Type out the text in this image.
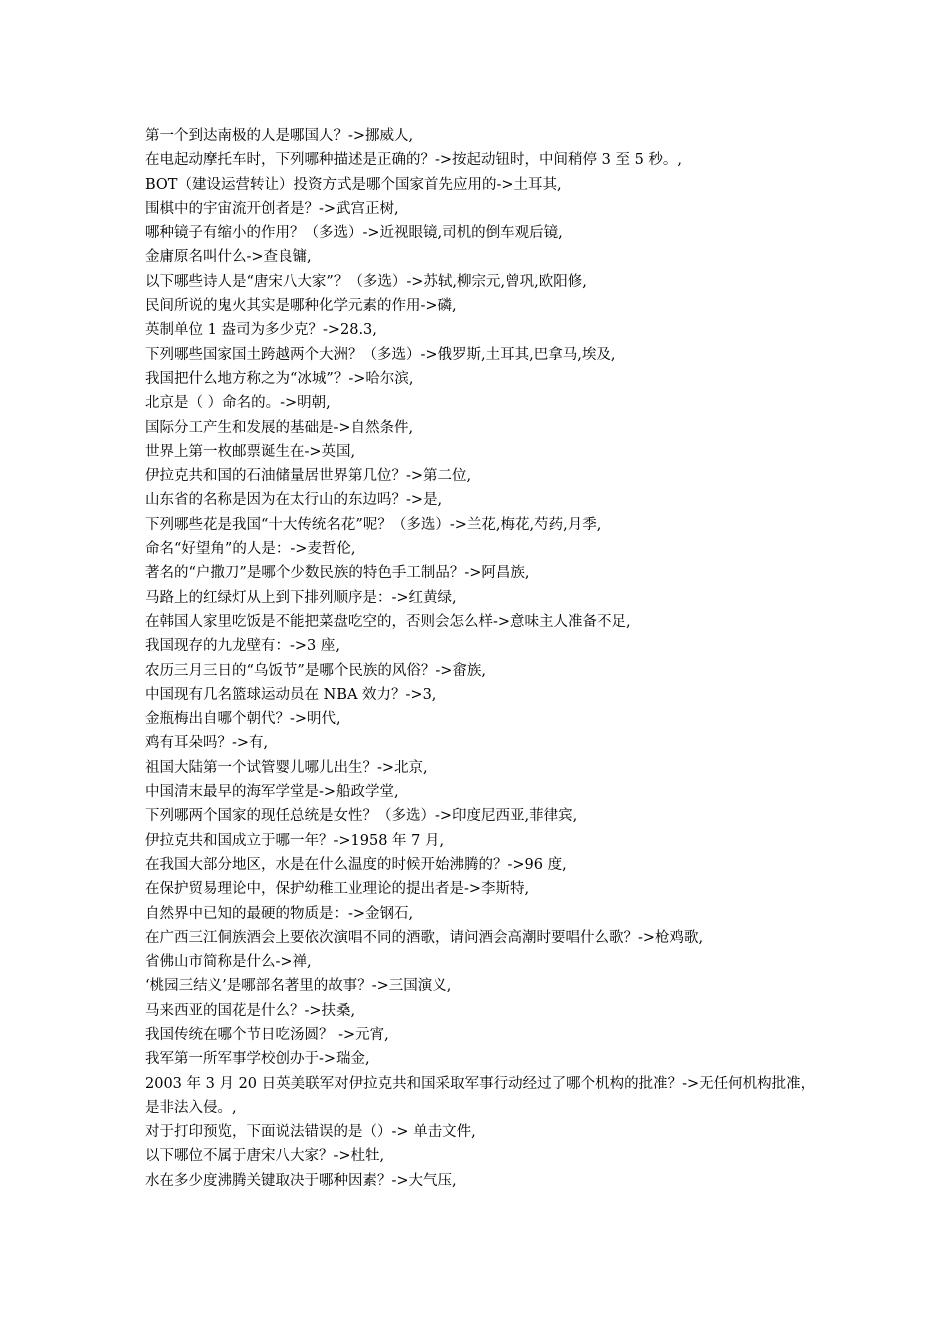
第一个到达南极的人是哪国人？->挪威人,
在电起动摩托车时，下列哪种描述是正确的？->按起动钮时，中间稍停 3 至 5 秒。,
BOT（建设运营转让）投资方式是哪个国家首先应用的->土耳其,
围棋中的宇宙流开创者是？->武宫正树,
哪种镜子有缩小的作用？（多选）->近视眼镜,司机的倒车观后镜,
金庸原名叫什么->查良镛,
以下哪些诗人是“唐宋八大家”？（多选）->苏轼,柳宗元,曾巩,欧阳修,
民间所说的鬼火其实是哪种化学元素的作用->磷,
英制单位 1 盎司为多少克？->28.3,
下列哪些国家国土跨越两个大洲？（多选）->俄罗斯,土耳其,巴拿马,埃及,
我国把什么地方称之为“冰城”？->哈尔滨,
北京是（ ）命名的。->明朝,
国际分工产生和发展的基础是->自然条件,
世界上第一枚邮票诞生在->英国,
伊拉克共和国的石油储量居世界第几位？->第二位,
山东省的名称是因为在太行山的东边吗？->是,
下列哪些花是我国“十大传统名花”呢？（多选）->兰花,梅花,芍药,月季,
命名“好望角”的人是：->麦哲伦,
著名的“户撒刀”是哪个少数民族的特色手工制品？->阿昌族,
马路上的红绿灯从上到下排列顺序是：->红黄绿,
在韩国人家里吃饭是不能把菜盘吃空的，否则会怎么样->意味主人准备不足,
我国现存的九龙壁有：->3 座,
农历三月三日的“乌饭节”是哪个民族的风俗？->畲族,
中国现有几名篮球运动员在 NBA 效力？->3,
金瓶梅出自哪个朝代？->明代,
鸡有耳朵吗？->有,
祖国大陆第一个试管婴儿哪儿出生？->北京,
中国清末最早的海军学堂是->船政学堂,
下列哪两个国家的现任总统是女性？（多选）->印度尼西亚,菲律宾,
伊拉克共和国成立于哪一年？->1958 年 7 月,
在我国大部分地区，水是在什么温度的时候开始沸腾的？->96 度,
在保护贸易理论中，保护幼稚工业理论的提出者是->李斯特,
自然界中已知的最硬的物质是：->金钢石,
在广西三江侗族酒会上要依次演唱不同的酒歌，请问酒会高潮时要唱什么歌？->枪鸡歌,
省佛山市简称是什么->禅,
‘桃园三结义’是哪部名著里的故事？->三国演义,
马来西亚的国花是什么？->扶桑,
我国传统在哪个节日吃汤圆？ ->元宵,
我军第一所军事学校创办于->瑞金,
2003 年 3 月 20 日英美联军对伊拉克共和国采取军事行动经过了哪个机构的批准？->无任何机构批准，是非法入侵。,
对于打印预览，下面说法错误的是（）-> 单击文件,
以下哪位不属于唐宋八大家？->杜牡,
水在多少度沸腾关键取决于哪种因素？->大气压,
